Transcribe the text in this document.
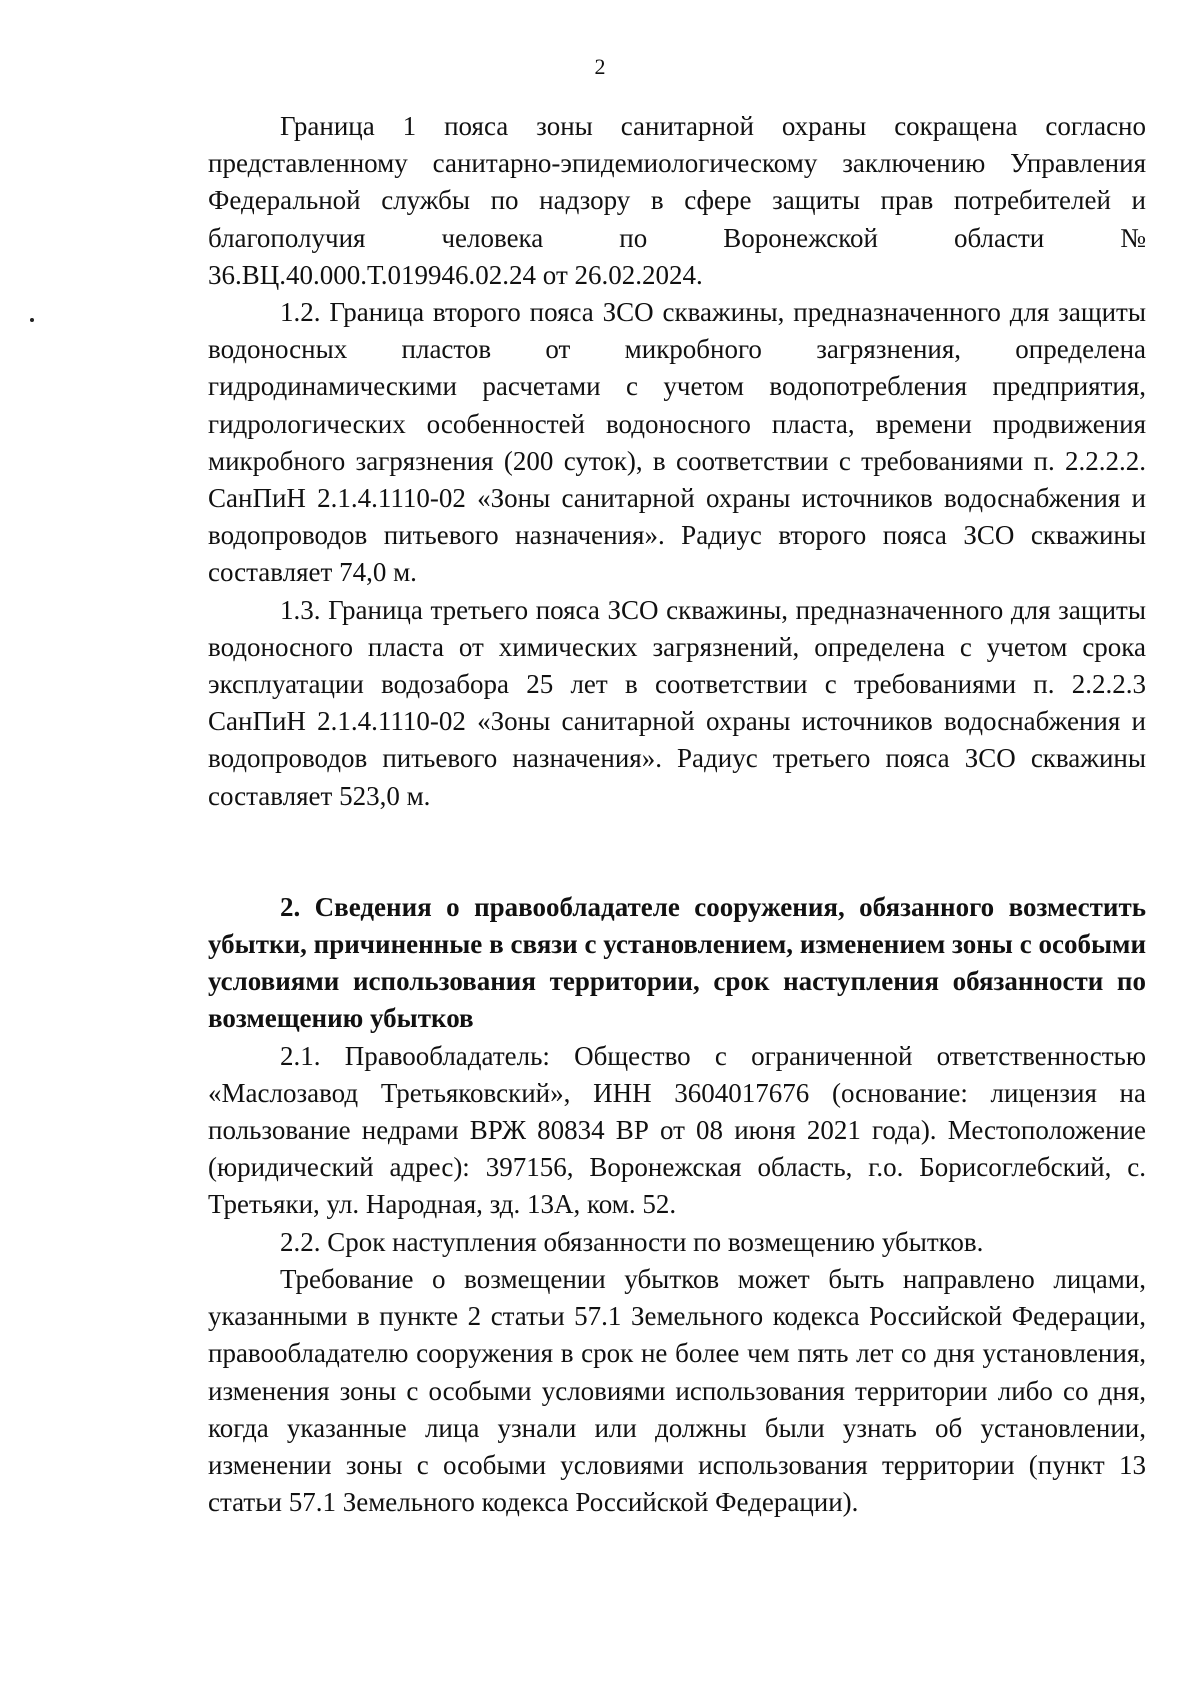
2

Граница 1 пояса зоны санитарной охраны сокращена согласно представленному санитарно-эпидемиологическому заключению Управления Федеральной службы по надзору в сфере защиты прав потребителей и благополучия человека по Воронежской области №

36.ВЦ.40.000.Т.019946.02.24 от 26.02.2024.

1.2. Граница второго пояса ЗСО скважины, предназначенного для защиты водоносных пластов от микробного загрязнения, определена гидродинамическими расчетами с учетом водопотребления предприятия, гидрологических особенностей водоносного пласта, времени продвижения микробного загрязнения (200 суток), в соответствии с требованиями п. 2.2.2.2. СанПиН 2.1.4.1110-02 «Зоны санитарной охраны источников водоснабжения и водопроводов питьевого назначения». Радиус второго пояса ЗСО скважины составляет 74,0 м.

1.3. Граница третьего пояса ЗСО скважины, предназначенного для защиты водоносного пласта от химических загрязнений, определена с учетом срока эксплуатации водозабора 25 лет в соответствии с требованиями п. 2.2.2.3 СанПиН 2.1.4.1110-02 «Зоны санитарной охраны источников водоснабжения и водопроводов питьевого назначения». Радиус третьего пояса ЗСО скважины составляет 523,0 м.

2. Сведения о правообладателе сооружения, обязанного возместить убытки, причиненные в связи с установлением, изменением зоны с особыми условиями использования территории, срок наступления обязанности по возмещению убытков

2.1. Правообладатель: Общество с ограниченной ответственностью «Маслозавод Третьяковский», ИНН 3604017676 (основание: лицензия на пользование недрами ВРЖ 80834 ВР от 08 июня 2021 года). Местоположение (юридический адрес): 397156, Воронежская область, г.о. Борисоглебский, с. Третьяки, ул. Народная, зд. 13А, ком. 52.

2.2. Срок наступления обязанности по возмещению убытков.

Требование о возмещении убытков может быть направлено лицами, указанными в пункте 2 статьи 57.1 Земельного кодекса Российской Федерации, правообладателю сооружения в срок не более чем пять лет со дня установления, изменения зоны с особыми условиями использования территории либо со дня, когда указанные лица узнали или должны были узнать об установлении, изменении зоны с особыми условиями использования территории (пункт 13 статьи 57.1 Земельного кодекса Российской Федерации).
